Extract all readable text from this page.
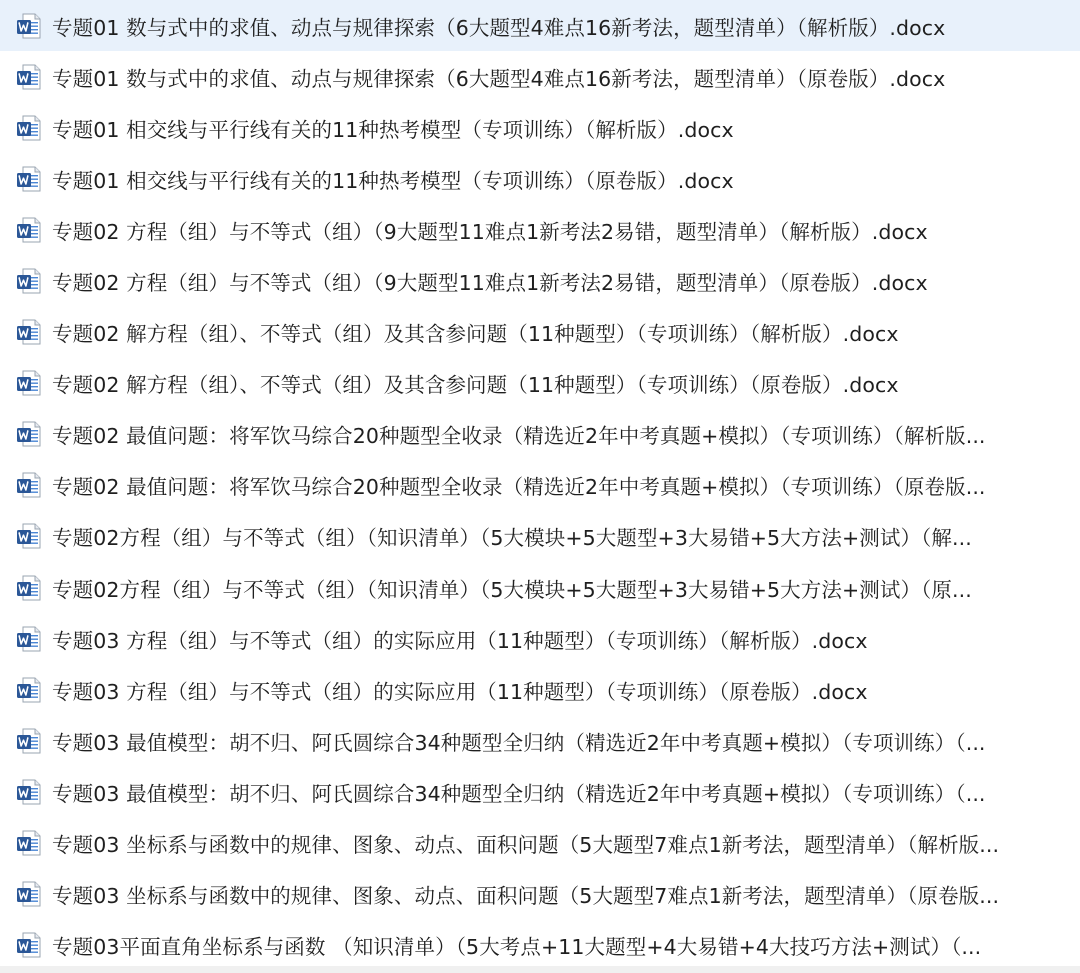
专题01 数与式中的求值、动点与规律探索（6大题型4难点16新考法，题型清单）（解析版）.docx
专题01 数与式中的求值、动点与规律探索（6大题型4难点16新考法，题型清单）（原卷版）.docx
专题01 相交线与平行线有关的11种热考模型（专项训练）（解析版）.docx
专题01 相交线与平行线有关的11种热考模型（专项训练）（原卷版）.docx
专题02 方程（组）与不等式（组）（9大题型11难点1新考法2易错，题型清单）（解析版）.docx
专题02 方程（组）与不等式（组）（9大题型11难点1新考法2易错，题型清单）（原卷版）.docx
专题02 解方程（组）、不等式（组）及其含参问题（11种题型）（专项训练）（解析版）.docx
专题02 解方程（组）、不等式（组）及其含参问题（11种题型）（专项训练）（原卷版）.docx
专题02 最值问题：将军饮马综合20种题型全收录（精选近2年中考真题+模拟）（专项训练）（解析版...
专题02 最值问题：将军饮马综合20种题型全收录（精选近2年中考真题+模拟）（专项训练）（原卷版...
专题02方程（组）与不等式（组）（知识清单）（5大模块+5大题型+3大易错+5大方法+测试）（解...
专题02方程（组）与不等式（组）（知识清单）（5大模块+5大题型+3大易错+5大方法+测试）（原...
专题03 方程（组）与不等式（组）的实际应用（11种题型）（专项训练）（解析版）.docx
专题03 方程（组）与不等式（组）的实际应用（11种题型）（专项训练）（原卷版）.docx
专题03 最值模型：胡不归、阿氏圆综合34种题型全归纳（精选近2年中考真题+模拟）（专项训练）（...
专题03 最值模型：胡不归、阿氏圆综合34种题型全归纳（精选近2年中考真题+模拟）（专项训练）（...
专题03 坐标系与函数中的规律、图象、动点、面积问题（5大题型7难点1新考法，题型清单）（解析版...
专题03 坐标系与函数中的规律、图象、动点、面积问题（5大题型7难点1新考法，题型清单）（原卷版...
专题03平面直角坐标系与函数 （知识清单）（5大考点+11大题型+4大易错+4大技巧方法+测试）（...
